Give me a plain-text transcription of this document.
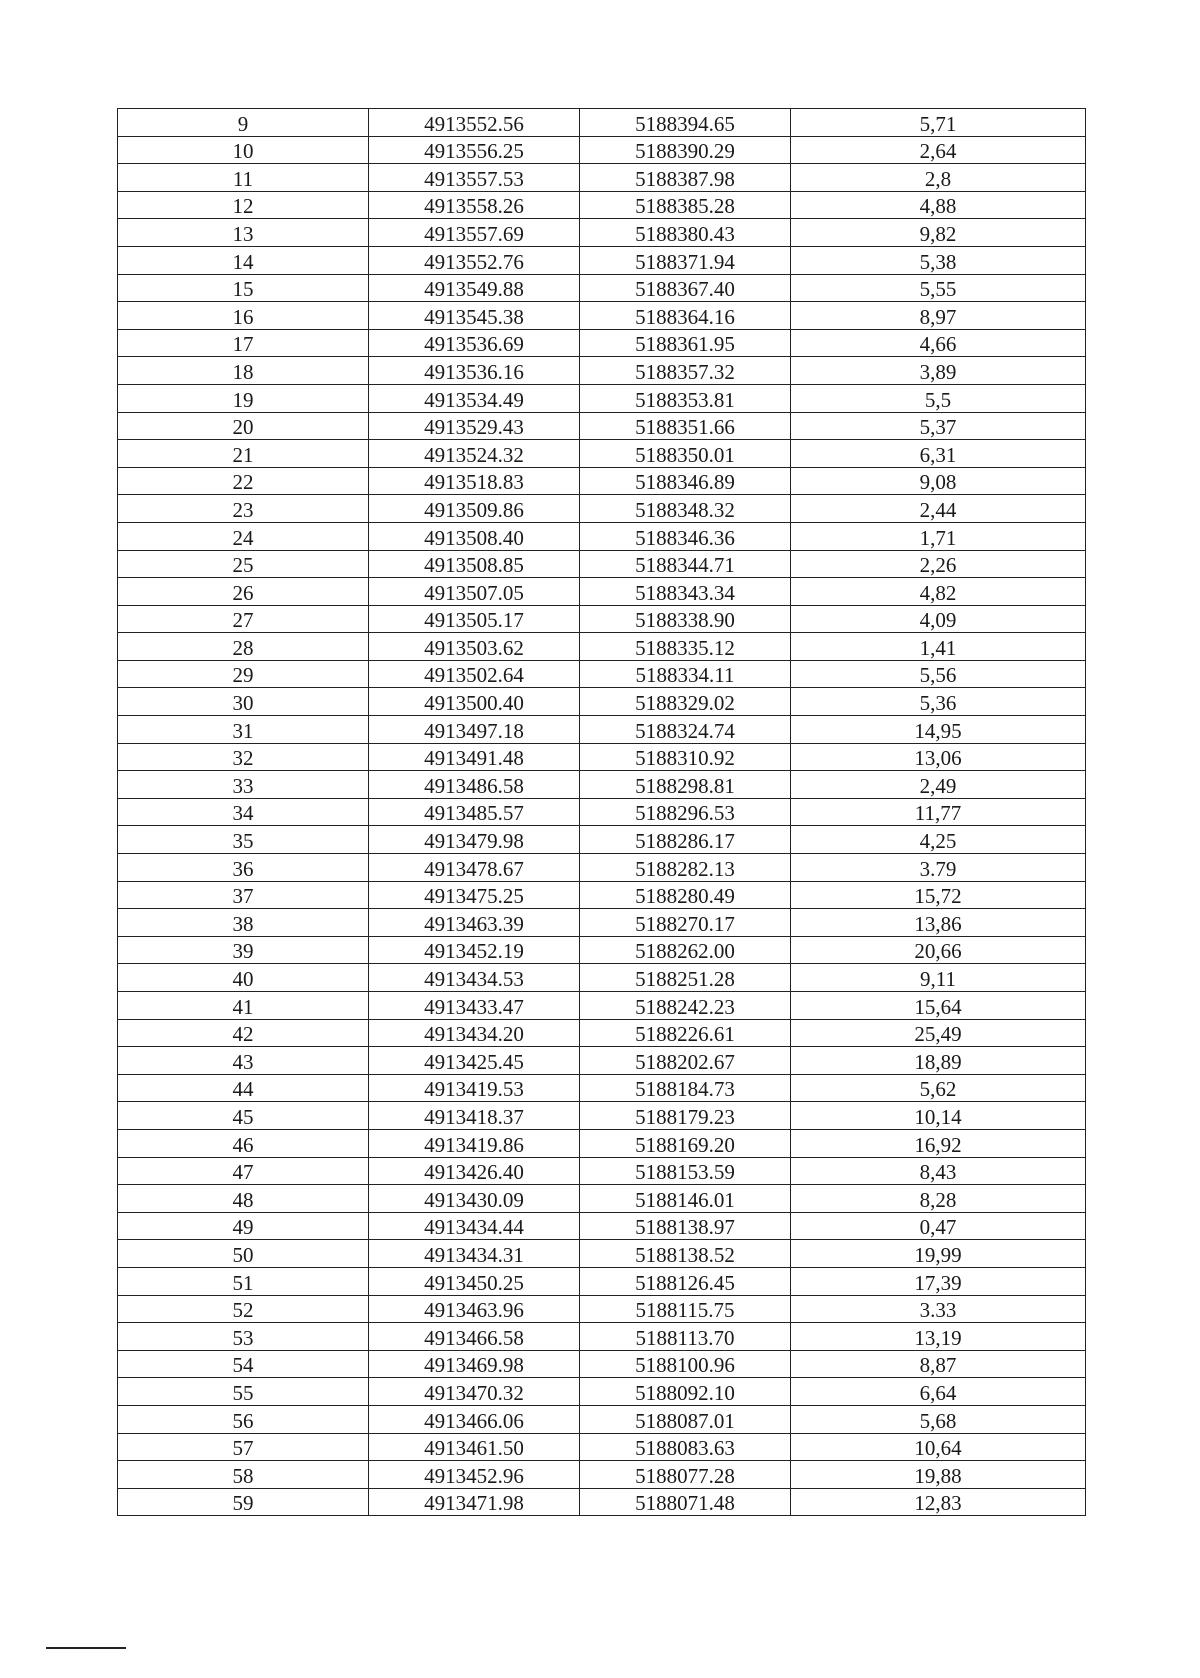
9	4913552.56	5188394.65	5,71
10	4913556.25	5188390.29	2,64
11	4913557.53	5188387.98	2,8
12	4913558.26	5188385.28	4,88
13	4913557.69	5188380.43	9,82
14	4913552.76	5188371.94	5,38
15	4913549.88	5188367.40	5,55
16	4913545.38	5188364.16	8,97
17	4913536.69	5188361.95	4,66
18	4913536.16	5188357.32	3,89
19	4913534.49	5188353.81	5,5
20	4913529.43	5188351.66	5,37
21	4913524.32	5188350.01	6,31
22	4913518.83	5188346.89	9,08
23	4913509.86	5188348.32	2,44
24	4913508.40	5188346.36	1,71
25	4913508.85	5188344.71	2,26
26	4913507.05	5188343.34	4,82
27	4913505.17	5188338.90	4,09
28	4913503.62	5188335.12	1,41
29	4913502.64	5188334.11	5,56
30	4913500.40	5188329.02	5,36
31	4913497.18	5188324.74	14,95
32	4913491.48	5188310.92	13,06
33	4913486.58	5188298.81	2,49
34	4913485.57	5188296.53	11,77
35	4913479.98	5188286.17	4,25
36	4913478.67	5188282.13	3.79
37	4913475.25	5188280.49	15,72
38	4913463.39	5188270.17	13,86
39	4913452.19	5188262.00	20,66
40	4913434.53	5188251.28	9,11
41	4913433.47	5188242.23	15,64
42	4913434.20	5188226.61	25,49
43	4913425.45	5188202.67	18,89
44	4913419.53	5188184.73	5,62
45	4913418.37	5188179.23	10,14
46	4913419.86	5188169.20	16,92
47	4913426.40	5188153.59	8,43
48	4913430.09	5188146.01	8,28
49	4913434.44	5188138.97	0,47
50	4913434.31	5188138.52	19,99
51	4913450.25	5188126.45	17,39
52	4913463.96	5188115.75	3.33
53	4913466.58	5188113.70	13,19
54	4913469.98	5188100.96	8,87
55	4913470.32	5188092.10	6,64
56	4913466.06	5188087.01	5,68
57	4913461.50	5188083.63	10,64
58	4913452.96	5188077.28	19,88
59	4913471.98	5188071.48	12,83
